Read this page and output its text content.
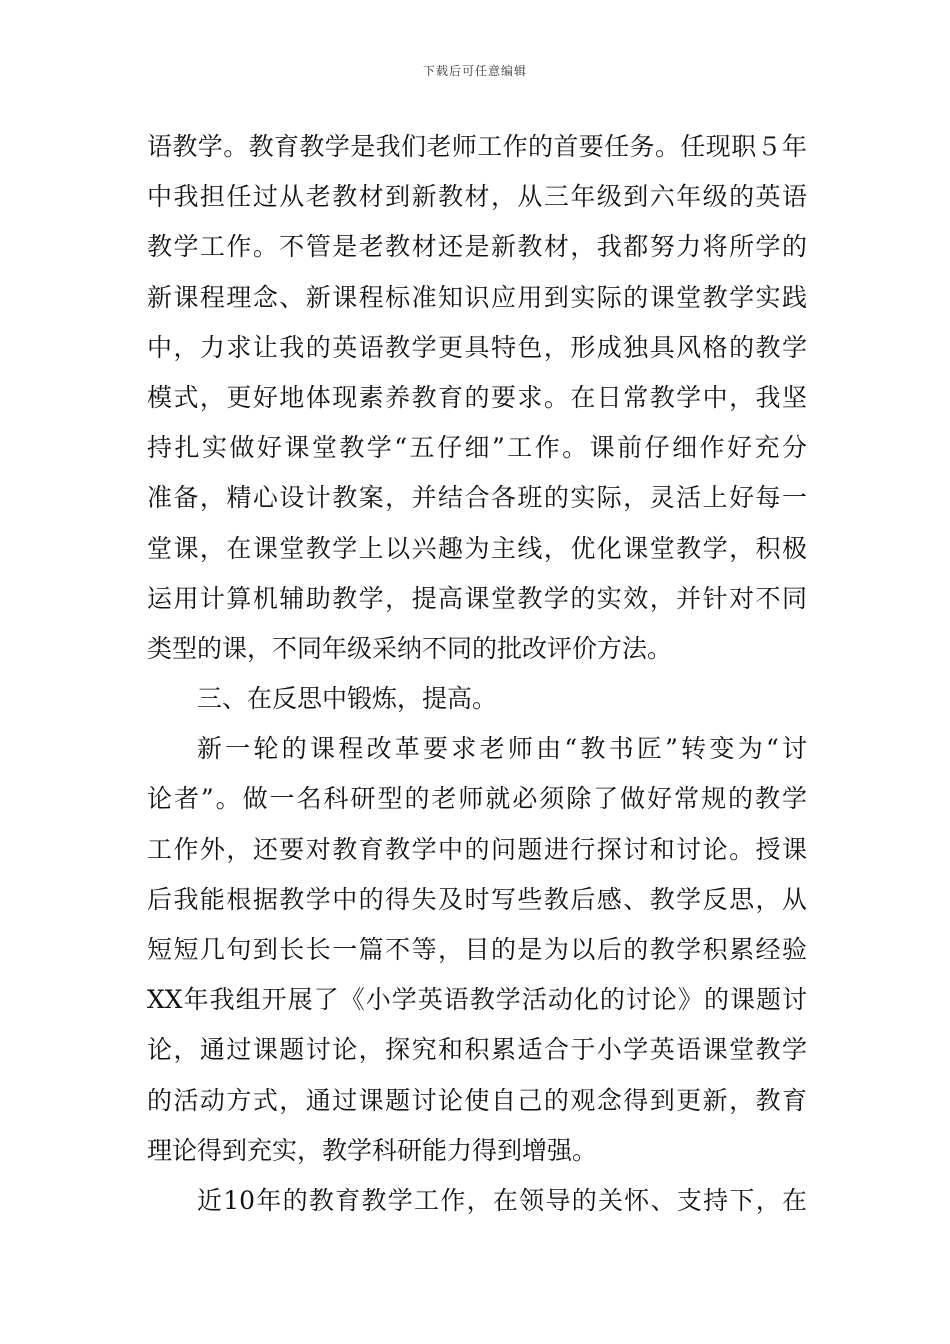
下载后可任意编辑
语教学。教育教学是我们老师工作的首要任务。任现职５年
中我担任过从老教材到新教材，从三年级到六年级的英语
教学工作。不管是老教材还是新教材，我都努力将所学的
新课程理念、新课程标准知识应用到实际的课堂教学实践
中，力求让我的英语教学更具特色，形成独具风格的教学
模式，更好地体现素养教育的要求。在日常教学中，我坚
持扎实做好课堂教学“五仔细”工作。课前仔细作好充分
准备，精心设计教案，并结合各班的实际，灵活上好每一
堂课，在课堂教学上以兴趣为主线，优化课堂教学，积极
运用计算机辅助教学，提高课堂教学的实效，并针对不同
类型的课，不同年级采纳不同的批改评价方法。
三、在反思中锻炼，提高。
新一轮的课程改革要求老师由“教书匠”转变为“讨
论者”。做一名科研型的老师就必须除了做好常规的教学
工作外，还要对教育教学中的问题进行探讨和讨论。授课
后我能根据教学中的得失及时写些教后感、教学反思，从
短短几句到长长一篇不等，目的是为以后的教学积累经验
XX年我组开展了《小学英语教学活动化的讨论》的课题讨
论，通过课题讨论，探究和积累适合于小学英语课堂教学
的活动方式，通过课题讨论使自己的观念得到更新，教育
理论得到充实，教学科研能力得到增强。
近10年的教育教学工作，在领导的关怀、支持下，在
